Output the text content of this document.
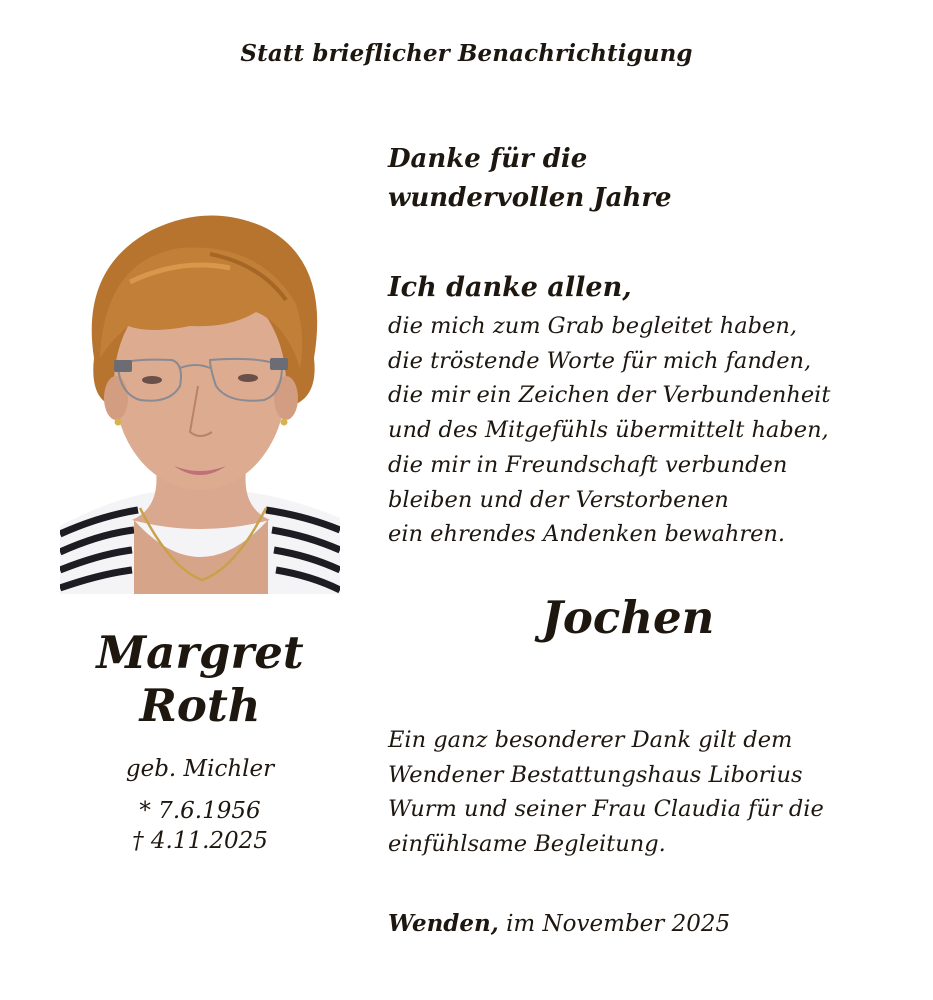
Statt brieflicher Benachrichtigung
Margret
Roth
geb. Michler
* 7.6.1956
† 4.11.2025
Danke für die
wundervollen Jahre
Ich danke allen,
die mich zum Grab begleitet haben,
die tröstende Worte für mich fanden,
die mir ein Zeichen der Verbundenheit
und des Mitgefühls übermittelt haben,
die mir in Freundschaft verbunden
bleiben und der Verstorbenen
ein ehrendes Andenken bewahren.
Jochen
Ein ganz besonderer Dank gilt dem
Wendener Bestattungshaus Liborius
Wurm und seiner Frau Claudia für die
einfühlsame Begleitung.
Wenden, im November 2025
